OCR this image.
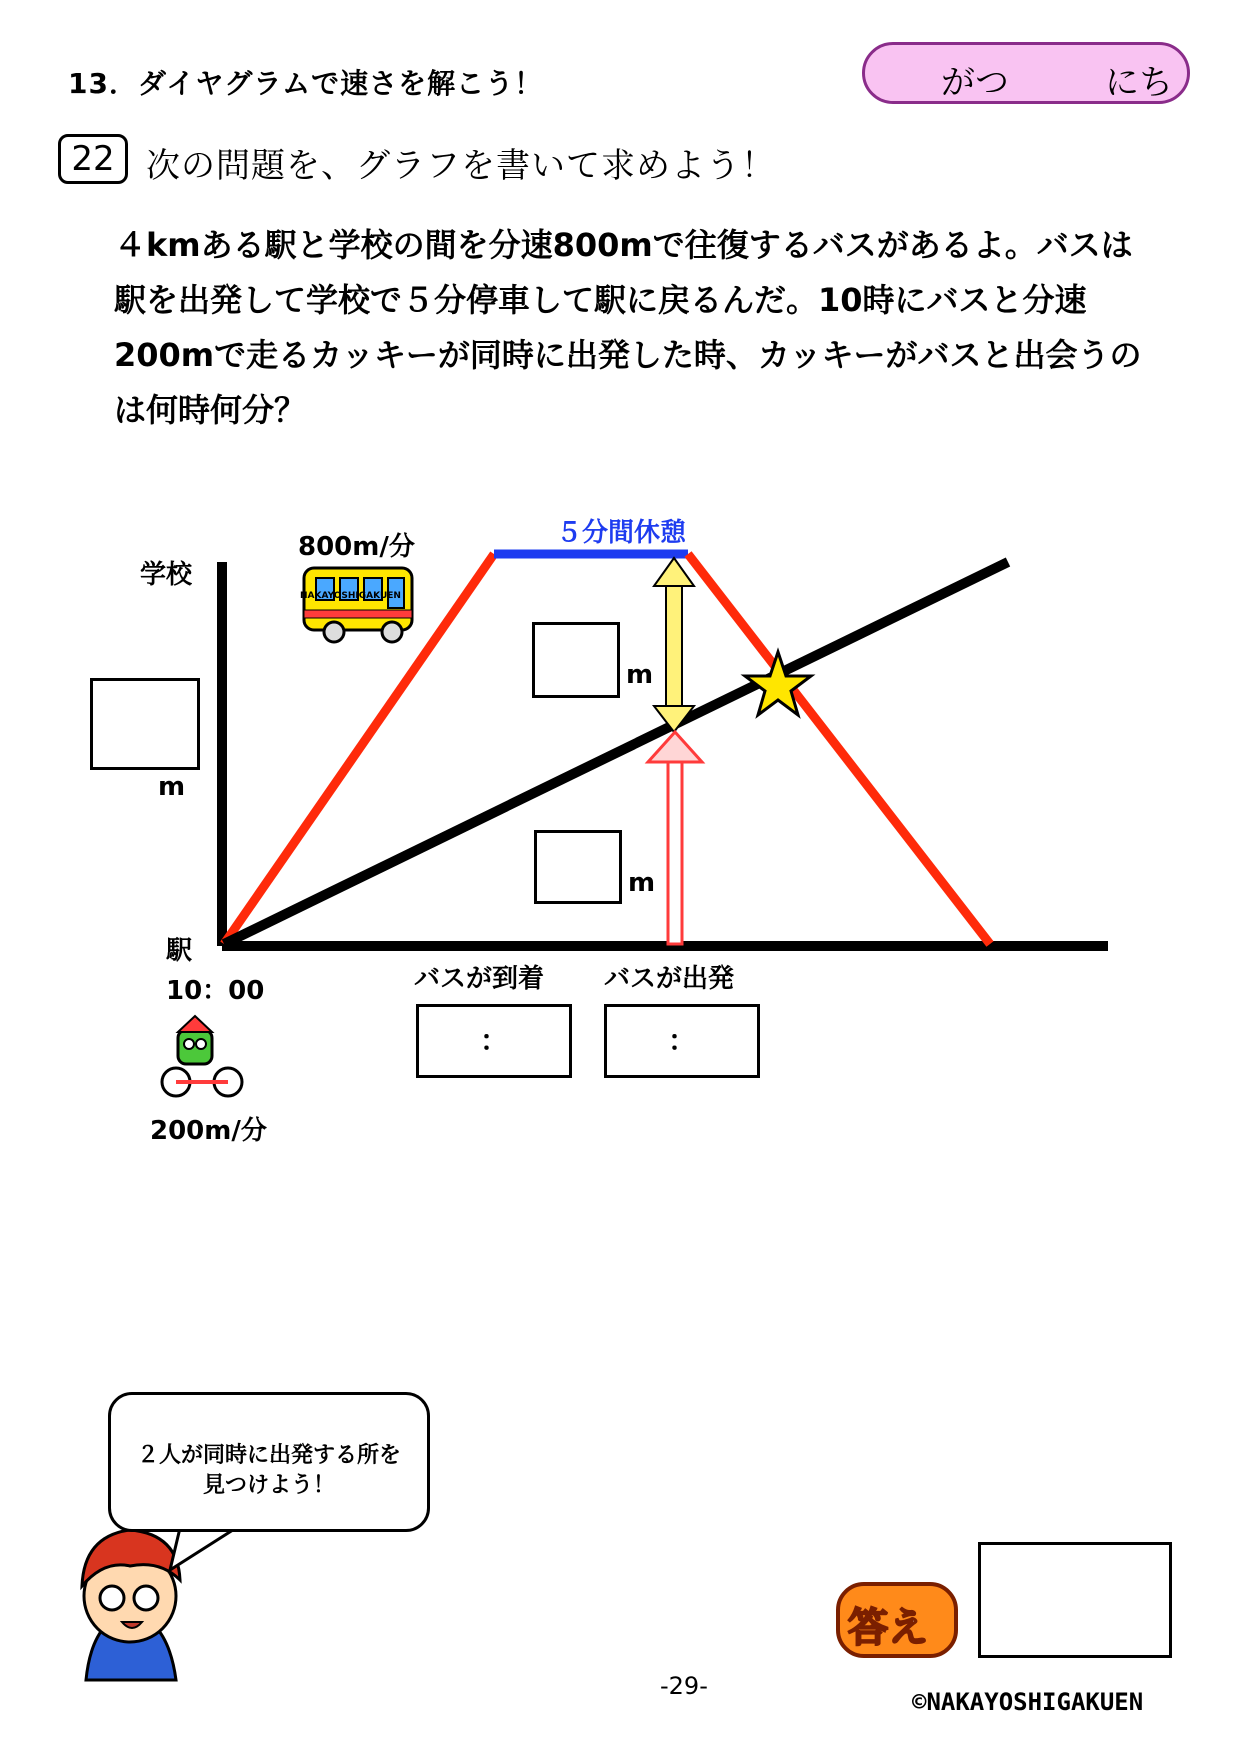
13．ダイヤグラムで速さを解こう！	がつ	にち
22 次の問題を、グラフを書いて求めよう！

４kmある駅と学校の間を分速800mで往復するバスがあるよ。バスは駅を出発して学校で５分停車して駅に戻るんだ。10時にバスと分速200mで走るカッキーが同時に出発した時、カッキーがバスと出会うのは何時何分？

学校
駅
10：00
800m/分
200m/分
５分間休憩
NAKAYOSHIGAKUEN
m
m
m
バスが到着 バスが出発
：	：
２人が同時に出発する所を
見つけよう！
答え
-29-
©NAKAYOSHIGAKUEN
